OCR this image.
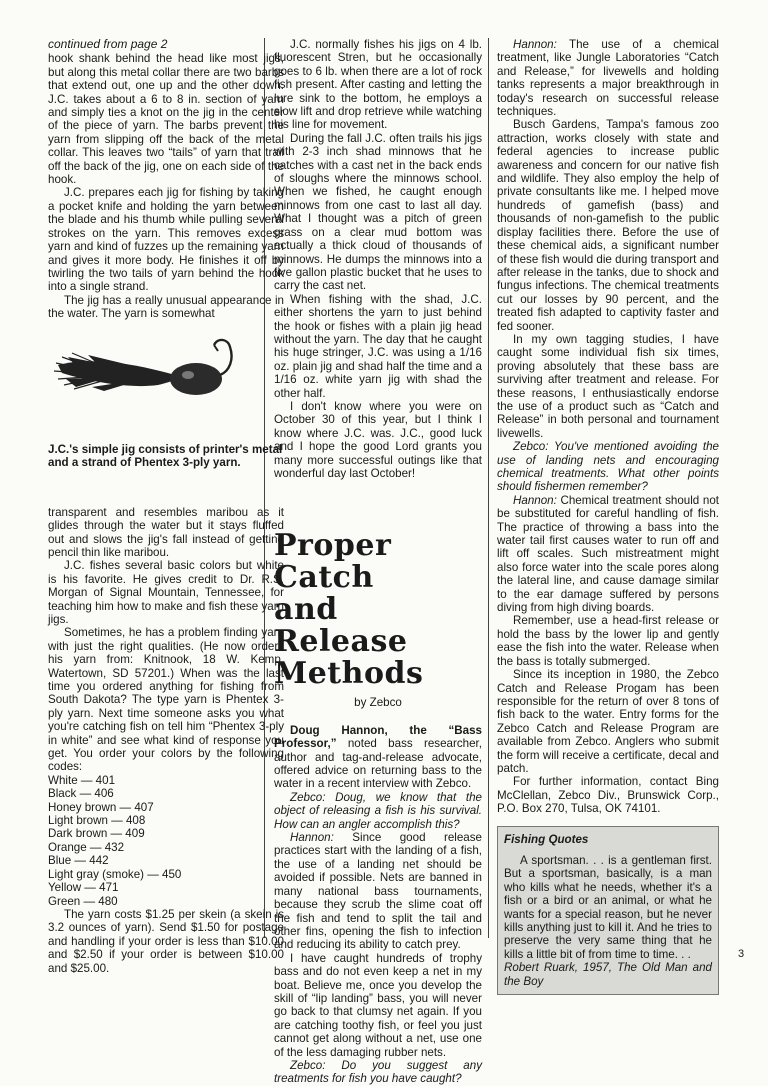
continued from page 2

hook shank behind the head like most jigs, but along this metal collar there are two barbs that extend out, one up and the other down. J.C. takes about a 6 to 8 in. section of yarn and simply ties a knot on the jig in the center of the piece of yarn. The barbs prevent the yarn from slipping off the back of the metal collar. This leaves two “tails” of yarn that trail off the back of the jig, one on each side of the hook.

J.C. prepares each jig for fishing by taking a pocket knife and holding the yarn between the blade and his thumb while pulling several strokes on the yarn. This removes excess yarn and kind of fuzzes up the remaining yarn and gives it more body. He finishes it off by twirling the two tails of yarn behind the hook into a single strand.

The jig has a really unusual appearance in the water. The yarn is somewhat

J.C.'s simple jig consists of printer's metal and a strand of Phentex 3-ply yarn.

transparent and resembles maribou as it glides through the water but it stays fluffed out and slows the jig's fall instead of getting pencil thin like maribou.

J.C. fishes several basic colors but white is his favorite. He gives credit to Dr. R.S. Morgan of Signal Mountain, Tennessee, for teaching him how to make and fish these yarn jigs.

Sometimes, he has a problem finding yarn with just the right qualities. (He now orders his yarn from: Knitnook, 18 W. Kemp, Watertown, SD 57201.) When was the last time you ordered anything for fishing from South Dakota? The type yarn is Phentex 3-ply yarn. Next time someone asks you what you're catching fish on tell him “Phentex 3-ply in white” and see what kind of response you get. You order your colors by the following codes:

White — 401
Black — 406
Honey brown — 407
Light brown — 408
Dark brown — 409
Orange — 432
Blue — 442
Light gray (smoke) — 450
Yellow — 471
Green — 480

The yarn costs $1.25 per skein (a skein is 3.2 ounces of yarn). Send $1.50 for postage and handling if your order is less than $10.00 and $2.50 if your order is between $10.00 and $25.00.

J.C. normally fishes his jigs on 4 lb. fluorescent Stren, but he occasionally goes to 6 lb. when there are a lot of rock fish present. After casting and letting the lure sink to the bottom, he employs a slow lift and drop retrieve while watching his line for movement.

During the fall J.C. often trails his jigs with 2-3 inch shad minnows that he catches with a cast net in the back ends of sloughs where the minnows school. When we fished, he caught enough minnows from one cast to last all day. What I thought was a pitch of green grass on a clear mud bottom was actually a thick cloud of thousands of minnows. He dumps the minnows into a five gallon plastic bucket that he uses to carry the cast net.

When fishing with the shad, J.C. either shortens the yarn to just behind the hook or fishes with a plain jig head without the yarn. The day that he caught his huge stringer, J.C. was using a 1/16 oz. plain jig and shad half the time and a 1/16 oz. white yarn jig with shad the other half.

I don't know where you were on October 30 of this year, but I think I know where J.C. was. J.C., good luck and I hope the good Lord grants you many more successful outings like that wonderful day last October!

Proper Catch
and Release
Methods
by Zebco

Doug Hannon, the “Bass Professor,” noted bass researcher, author and tag-and-release advocate, offered advice on returning bass to the water in a recent interview with Zebco.

Zebco: Doug, we know that the object of releasing a fish is his survival. How can an angler accomplish this?

Hannon: Since good release practices start with the landing of a fish, the use of a landing net should be avoided if possible. Nets are banned in many national bass tournaments, because they scrub the slime coat off the fish and tend to split the tail and other fins, opening the fish to infection and reducing its ability to catch prey.

I have caught hundreds of trophy bass and do not even keep a net in my boat. Believe me, once you develop the skill of “lip landing” bass, you will never go back to that clumsy net again. If you are catching toothy fish, or feel you just cannot get along without a net, use one of the less damaging rubber nets.

Zebco: Do you suggest any treatments for fish you have caught?

Hannon: The use of a chemical treatment, like Jungle Laboratories “Catch and Release,” for livewells and holding tanks represents a major breakthrough in today's research on successful release techniques.

Busch Gardens, Tampa's famous zoo attraction, works closely with state and federal agencies to increase public awareness and concern for our native fish and wildlife. They also employ the help of private consultants like me. I helped move hundreds of gamefish (bass) and thousands of non-gamefish to the public display facilities there. Before the use of these chemical aids, a significant number of these fish would die during transport and after release in the tanks, due to shock and fungus infections. The chemical treatments cut our losses by 90 percent, and the treated fish adapted to captivity faster and fed sooner.

In my own tagging studies, I have caught some individual fish six times, proving absolutely that these bass are surviving after treatment and release. For these reasons, I enthusiastically endorse the use of a product such as “Catch and Release” in both personal and tournament livewells.

Zebco: You've mentioned avoiding the use of landing nets and encouraging chemical treatments. What other points should fishermen remember?

Hannon: Chemical treatment should not be substituted for careful handling of fish. The practice of throwing a bass into the water tail first causes water to run off and lift off scales. Such mistreatment might also force water into the scale pores along the lateral line, and cause damage similar to the ear damage suffered by persons diving from high diving boards.

Remember, use a head-first release or hold the bass by the lower lip and gently ease the fish into the water. Release when the bass is totally submerged.

Since its inception in 1980, the Zebco Catch and Release Progam has been responsible for the return of over 8 tons of fish back to the water. Entry forms for the Zebco Catch and Release Program are available from Zebco. Anglers who submit the form will receive a certificate, decal and patch.

For further information, contact Bing McClellan, Zebco Div., Brunswick Corp., P.O. Box 270, Tulsa, OK 74101.

Fishing Quotes

A sportsman. . . is a gentleman first. But a sportsman, basically, is a man who kills what he needs, whether it's a fish or a bird or an animal, or what he wants for a special reason, but he never kills anything just to kill it. And he tries to preserve the very same thing that he kills a little bit of from time to time. . .

Robert Ruark, 1957, The Old Man and the Boy

3
